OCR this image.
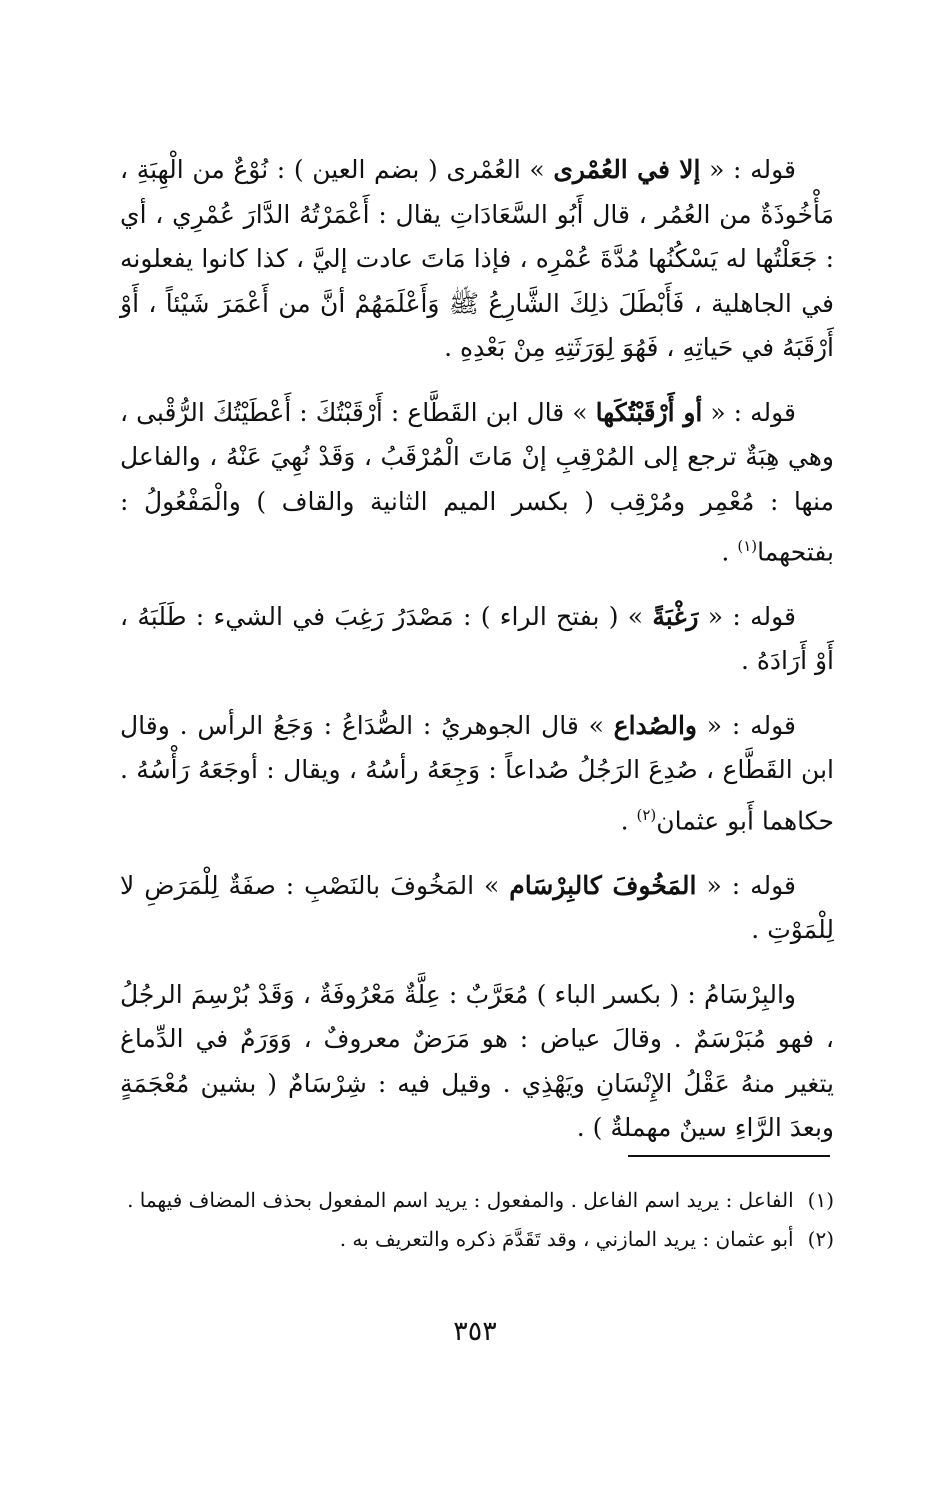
قوله : « إلا في العُمْرى » العُمْرى ( بضم العين ) : نُوْعٌ من الْهِبَةِ ، مَأْخُوذَةٌ من العُمُر ، قال أَبُو السَّعَادَاتِ يقال : أَعْمَرْتُهُ الدَّارَ عُمْرِي ، أي : جَعَلْتُها له يَسْكُنُها مُدَّةَ عُمْرِه ، فإذا مَاتَ عادت إليَّ ، كذا كانوا يفعلونه في الجاهلية ، فَأَبْطَلَ ذلِكَ الشَّارِعُ ﷺ وَأَعْلَمَهُمْ أنَّ من أَعْمَرَ شَيْئاً ، أَوْ أَرْقَبَهُ في حَياتِهِ ، فَهُوَ لِوَرَثَتِهِ مِنْ بَعْدِهِ .

قوله : « أو أَرْقَبْتُكَها » قال ابن القَطَّاع : أَرْقَبْتُكَ : أَعْطَيْتُكَ الرُّقْبى ، وهي هِبَةٌ ترجع إلى المُرْقِبِ إنْ مَاتَ الْمُرْقَبُ ، وَقَدْ نُهِيَ عَنْهُ ، والفاعل منها : مُعْمِر ومُرْقِب ( بكسر الميم الثانية والقاف ) والْمَفْعُولُ : بفتحهما$^{(١)}$ .

قوله : « رَغْبَةً » ( بفتح الراء ) : مَصْدَرُ رَغِبَ في الشيء : طَلَبَهُ ، أَوْ أَرَادَهُ .

قوله : « والصُداع » قال الجوهريُ : الصُّدَاعُ : وَجَعُ الرأس . وقال ابن القَطَّاع ، صُدِعَ الرَجُلُ صُداعاً : وَجِعَهُ رأسُهُ ، ويقال : أوجَعَهُ رَأْسُهُ . حكاهما أَبو عثمان$^{(٢)}$ .

قوله : « المَخُوفَ كالبِرْسَام » المَخُوفَ بالنَصْبِ : صفَةٌ لِلْمَرَضِ لا لِلْمَوْتِ .

والبِرْسَامُ : ( بكسر الباء ) مُعَرَّبٌ : عِلَّةٌ مَعْرُوفَةٌ ، وَقَدْ بُرْسِمَ الرجُلُ ، فهو مُبَرْسَمٌ . وقالَ عياض : هو مَرَضٌ معروفٌ ، وَوَرَمٌ في الدِّماغ يتغير منهُ عَقْلُ الإِنْسَانِ ويَهْذِي . وقيل فيه : شِرْسَامٌ ( بشين مُعْجَمَةٍ وبعدَ الرَّاءِ سينٌ مهملةٌ ) .

(١)
الفاعل : يريد اسم الفاعل . والمفعول : يريد اسم المفعول بحذف المضاف فيهما .
(٢)
أبو عثمان : يريد المازني ، وقد تَقَدَّمَ ذكره والتعريف به .
٣٥٣
